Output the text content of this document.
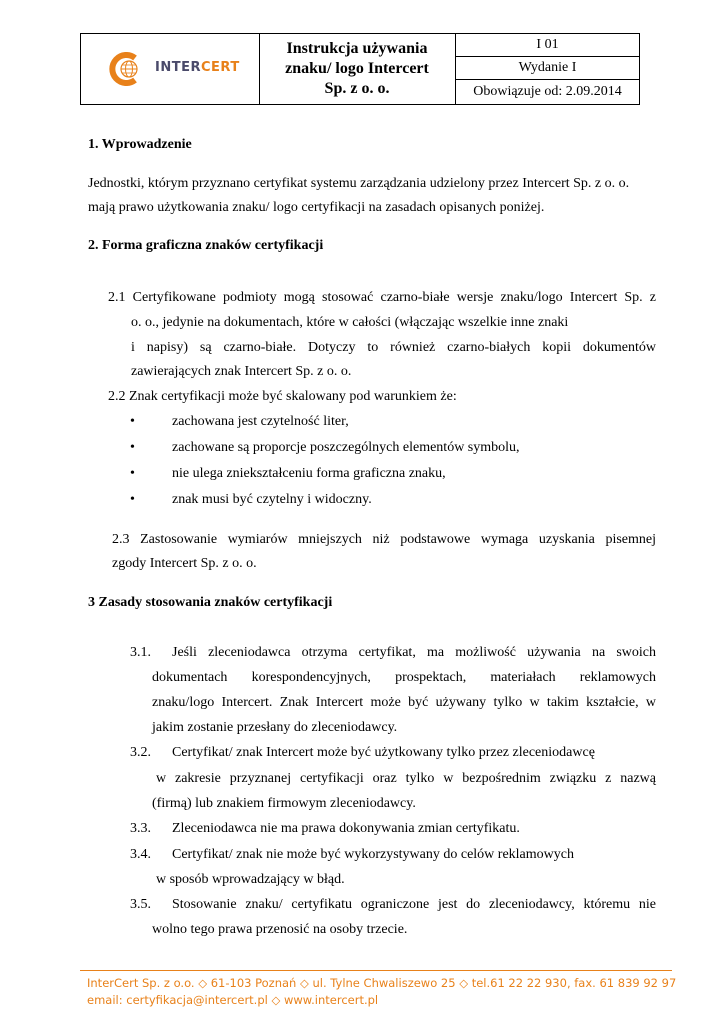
INTERCERT
Instrukcja używania
znaku/ logo Intercert
Sp. z o. o.
I 01
Wydanie I
Obowiązuje od: 2.09.2014
1. Wprowadzenie
Jednostki, którym przyznano certyfikat systemu zarządzania udzielony przez Intercert Sp. z o. o.
mają prawo użytkowania znaku/ logo certyfikacji na zasadach opisanych poniżej.
2. Forma graficzna znaków certyfikacji
2.1 Certyfikowane podmioty mogą stosować czarno-białe wersje znaku/logo Intercert Sp. z
o. o., jedynie na dokumentach, które w całości (włączając wszelkie inne znaki
i napisy) są czarno-białe. Dotyczy to również czarno-białych kopii dokumentów
zawierających znak Intercert Sp. z o. o.
2.2 Znak certyfikacji może być skalowany pod warunkiem że:
•	zachowana jest czytelność liter,
•	zachowane są proporcje poszczególnych elementów symbolu,
•	nie ulega zniekształceniu forma graficzna znaku,
•	znak musi być czytelny i widoczny.
2.3 Zastosowanie wymiarów mniejszych niż podstawowe wymaga uzyskania pisemnej
zgody Intercert Sp. z o. o.
3 Zasady stosowania znaków certyfikacji
3.1. Jeśli zleceniodawca otrzyma certyfikat, ma możliwość używania na swoich
dokumentach korespondencyjnych, prospektach, materiałach reklamowych
znaku/logo Intercert. Znak Intercert może być używany tylko w takim kształcie, w
jakim zostanie przesłany do zleceniodawcy.
3.2. Certyfikat/ znak Intercert może być użytkowany tylko przez zleceniodawcę
w zakresie przyznanej certyfikacji oraz tylko w bezpośrednim związku z nazwą
(firmą) lub znakiem firmowym zleceniodawcy.
3.3. Zleceniodawca nie ma prawa dokonywania zmian certyfikatu.
3.4. Certyfikat/ znak nie może być wykorzystywany do celów reklamowych
w sposób wprowadzający w błąd.
3.5. Stosowanie znaku/ certyfikatu ograniczone jest do zleceniodawcy, któremu nie
wolno tego prawa przenosić na osoby trzecie.
InterCert Sp. z o.o. ◇ 61-103 Poznań ◇ ul. Tylne Chwaliszewo 25 ◇ tel.61 22 22 930, fax. 61 839 92 97
email: certyfikacja@intercert.pl ◇ www.intercert.pl
